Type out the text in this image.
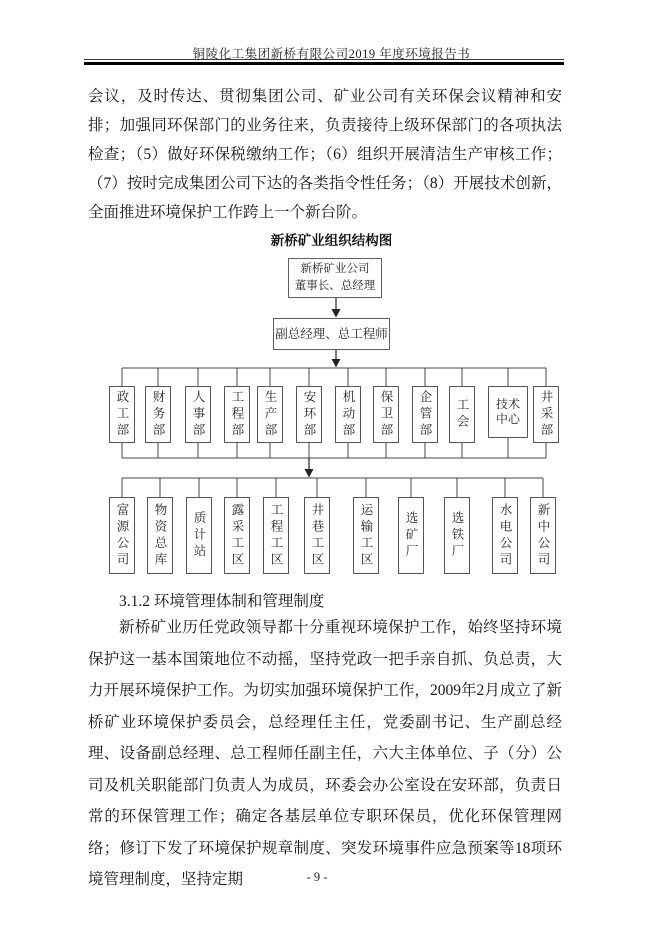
铜陵化工集团新桥有限公司2019 年度环境报告书
会议，及时传达、贯彻集团公司、矿业公司有关环保会议精神和安排；加强同环保部门的业务往来，负责接待上级环保部门的各项执法检查；（5）做好环保税缴纳工作；（6）组织开展清洁生产审核工作；（7）按时完成集团公司下达的各类指令性任务；（8）开展技术创新，全面推进环境保护工作跨上一个新台阶。
新桥矿业组织结构图
新桥矿业公司
董事长、总经理
副总经理、总工程师
政工部	财务部	人事部	工程部	生产部	安环部	机动部	保卫部	企管部	工会	技术中心	井采部
富源公司	物资总库	质计站	露采工区	工程工区	井巷工区	运输工区	选矿厂	选铁厂	水电公司	新中公司
3.1.2 环境管理体制和管理制度
新桥矿业历任党政领导都十分重视环境保护工作，始终坚持环境保护这一基本国策地位不动摇，坚持党政一把手亲自抓、负总责，大力开展环境保护工作。为切实加强环境保护工作，2009年2月成立了新桥矿业环境保护委员会，总经理任主任，党委副书记、生产副总经理、设备副总经理、总工程师任副主任，六大主体单位、子（分）公司及机关职能部门负责人为成员，环委会办公室设在安环部，负责日常的环保管理工作；确定各基层单位专职环保员，优化环保管理网络；修订下发了环境保护规章制度、突发环境事件应急预案等18项环境管理制度，坚持定期	- 9 -
